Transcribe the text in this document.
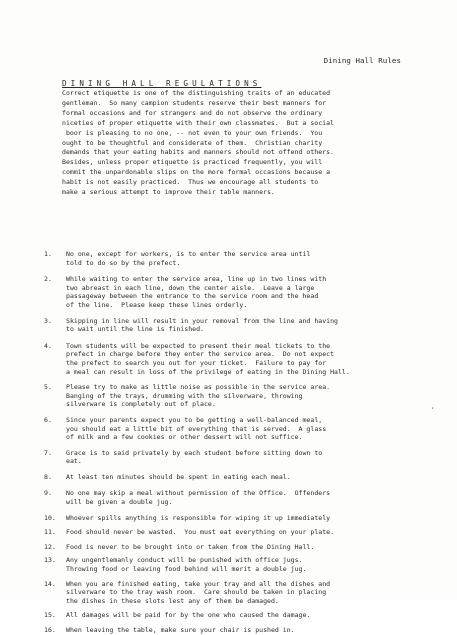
Dining Hall Rules
DINING HALL REGULATIONS
Correct etiquette is one of the distinguishing traits of an educated
gentleman.  So many campion students reserve their best manners for
formal occasions and for strangers and do not observe the ordinary
niceties of proper etiquette with their own classmates.  But a social
boor is pleasing to no one, -- not even to your own friends.  You
ought to be thoughtful and considerate of them.  Christian charity
demands that your eating habits and manners should not offend others.
Besides, unless proper etiquette is practiced frequently, you will
commit the unpardonable slips on the more formal occasions because a
habit is not easily practiced.  Thus we encourage all students to
make a serious attempt to improve their table manners.
1.	No one, except for workers, is to enter the service area until
told to do so by the prefect.
2.	While waiting to enter the service area, line up in two lines with
two abreast in each line, down the center aisle.  Leave a large
passageway between the entrance to the service room and the head
of the line.  Please keep these lines orderly.
3.	Skipping in line will result in your removal from the line and having
to wait until the line is finished.
4.	Town students will be expected to present their meal tickets to the
prefect in charge before they enter the service area.  Do not expect
the prefect to search you out for your ticket.  Failure to pay for
a meal can result in loss of the privilege of eating in the Dining Hall.
5.	Please try to make as little noise as possible in the service area.
Banging of the trays, drumming with the silverware, throwing
silverware is completely out of place.
6.	Since your parents expect you to be getting a well-balanced meal,
you should eat a little bit of everything that is served.  A glass
of milk and a few cookies or other dessert will not suffice.
7.	Grace is to said privately by each student before sitting down to
eat.
8.	At least ten minutes should be spent in eating each meal.
9.	No one may skip a meal without permission of the Office.  Offenders
will be given a double jug.
10.	Whoever spills anything is responsible for wiping it up immediately
11.	Food should never be wasted.  You must eat everything on your plate.
12.	Food is never to be brought into or taken from the Dining Hall.
13.	Any ungentlemanly conduct will be punished with office jugs.
Throwing food or leaving food behind will merit a double jug.
14.	When you are finished eating, take your tray and all the dishes and
silverware to the tray wash room.  Care should be taken in placing
the dishes in these slots lest any of them be damaged.
15.	All damages will be paid for by the one who caused the damage.
16.	When leaving the table, make sure your chair is pushed in.
,
